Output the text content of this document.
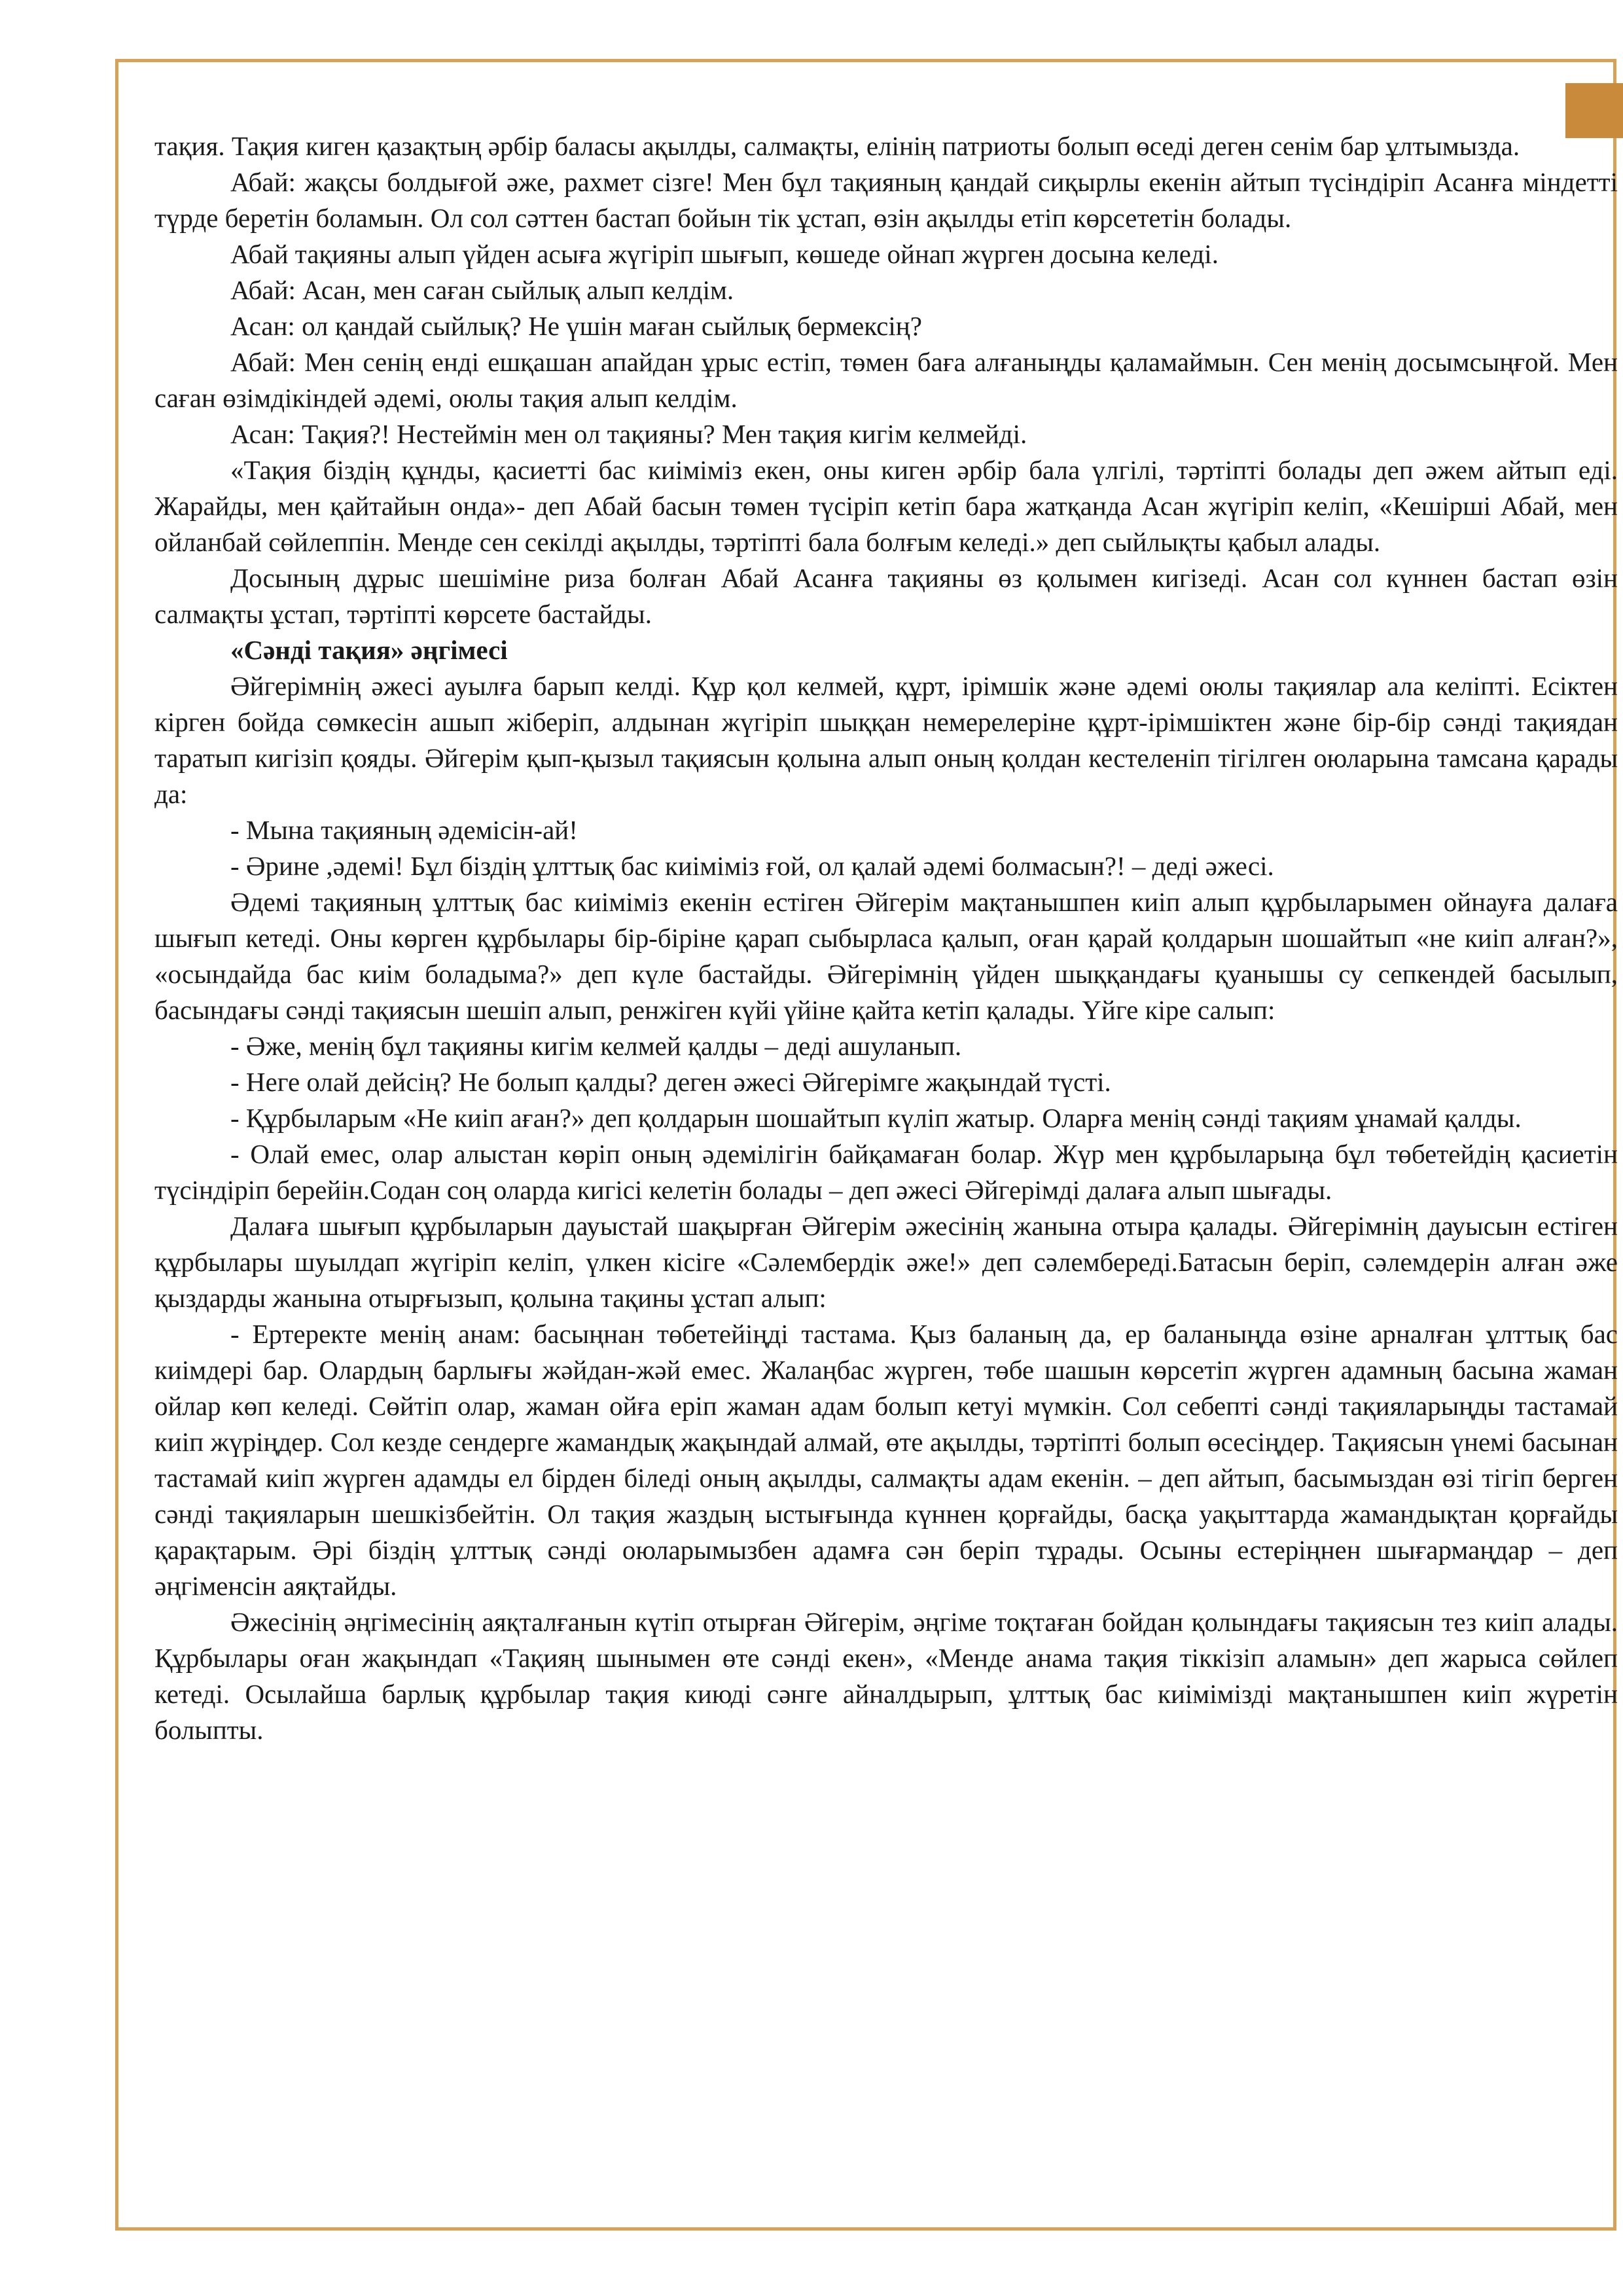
тақия. Тақия киген қазақтың әрбір баласы ақылды, салмақты, елінің патриоты болып өседі деген сенім бар ұлтымызда.

Абай: жақсы болдығой әже, рахмет сізге! Мен бұл тақияның қандай сиқырлы екенін айтып түсіндіріп Асанға міндетті түрде беретін боламын. Ол сол сәттен бастап бойын тік ұстап, өзін ақылды етіп көрсететін болады.

Абай тақияны алып үйден асыға жүгіріп шығып, көшеде ойнап жүрген досына келеді.

Абай: Асан, мен саған сыйлық алып келдім.

Асан: ол қандай сыйлық? Не үшін маған сыйлық бермексің?

Абай: Мен сенің енді ешқашан апайдан ұрыс естіп, төмен баға алғаныңды қаламаймын. Сен менің досымсыңғой. Мен саған өзімдікіндей әдемі, оюлы тақия алып келдім.

Асан: Тақия?! Нестеймін мен ол тақияны? Мен тақия кигім келмейді.

«Тақия біздің құнды, қасиетті бас киіміміз екен, оны киген әрбір бала үлгілі, тәртіпті болады деп әжем айтып еді. Жарайды, мен қайтайын онда»- деп Абай басын төмен түсіріп кетіп бара жатқанда Асан жүгіріп келіп, «Кешірші Абай, мен ойланбай сөйлеппін. Менде сен секілді ақылды, тәртіпті бала болғым келеді.» деп сыйлықты қабыл алады.

Досының дұрыс шешіміне риза болған Абай Асанға тақияны өз қолымен кигізеді. Асан сол күннен бастап өзін салмақты ұстап, тәртіпті көрсете бастайды.

«Сәнді тақия» әңгімесі

Әйгерімнің әжесі ауылға барып келді. Құр қол келмей, құрт, ірімшік және әдемі оюлы тақиялар ала келіпті. Есіктен кірген бойда сөмкесін ашып жіберіп, алдынан жүгіріп шыққан немерелеріне құрт-ірімшіктен және бір-бір сәнді тақиядан таратып кигізіп қояды. Әйгерім қып-қызыл тақиясын қолына алып оның қолдан кестеленіп тігілген оюларына тамсана қарады да:

- Мына тақияның әдемісін-ай!

- Әрине ,әдемі! Бұл біздің ұлттық бас киіміміз ғой, ол қалай әдемі болмасын?! – деді әжесі.

Әдемі тақияның ұлттық бас киіміміз екенін естіген Әйгерім мақтанышпен киіп алып құрбыларымен ойнауға далаға шығып кетеді. Оны көрген құрбылары бір-біріне қарап сыбырласа қалып, оған қарай қолдарын шошайтып «не киіп алған?», «осындайда бас киім боладыма?» деп күле бастайды. Әйгерімнің үйден шыққандағы қуанышы су сепкендей басылып, басындағы сәнді тақиясын шешіп алып, ренжіген күйі үйіне қайта кетіп қалады. Үйге кіре салып:

- Әже, менің бұл тақияны кигім келмей қалды – деді ашуланып.

- Неге олай дейсің? Не болып қалды? деген әжесі Әйгерімге жақындай түсті.

- Құрбыларым «Не киіп аған?» деп қолдарын шошайтып күліп жатыр. Оларға менің сәнді тақиям ұнамай қалды.

- Олай емес, олар алыстан көріп оның әдемілігін байқамаған болар. Жүр мен құрбыларыңа бұл төбетейдің қасиетін түсіндіріп берейін.Содан соң оларда кигісі келетін болады – деп әжесі Әйгерімді далаға алып шығады.

Далаға шығып құрбыларын дауыстай шақырған Әйгерім әжесінің жанына отыра қалады. Әйгерімнің дауысын естіген құрбылары шуылдап жүгіріп келіп, үлкен кісіге «Сәлембердік әже!» деп сәлембереді.Батасын беріп, сәлемдерін алған әже қыздарды жанына отырғызып, қолына тақины ұстап алып:

- Ертеректе менің анам: басыңнан төбетейіңді тастама. Қыз баланың да, ер баланыңда өзіне арналған ұлттық бас киімдері бар. Олардың барлығы жәйдан-жәй емес. Жалаңбас жүрген, төбе шашын көрсетіп жүрген адамның басына жаман ойлар көп келеді. Сөйтіп олар, жаман ойға еріп жаман адам болып кетуі мүмкін. Сол себепті сәнді тақияларыңды тастамай киіп жүріңдер. Сол кезде сендерге жамандық жақындай алмай, өте ақылды, тәртіпті болып өсесіңдер. Тақиясын үнемі басынан тастамай киіп жүрген адамды ел бірден біледі оның ақылды, салмақты адам екенін. – деп айтып, басымыздан өзі тігіп берген сәнді тақияларын шешкізбейтін. Ол тақия жаздың ыстығында күннен қорғайды, басқа уақыттарда жамандықтан қорғайды қарақтарым. Әрі біздің ұлттық сәнді оюларымызбен адамға сән беріп тұрады. Осыны естеріңнен шығармаңдар – деп әңгіменсін аяқтайды.

Әжесінің әңгімесінің аяқталғанын күтіп отырған Әйгерім, әңгіме тоқтаған бойдан қолындағы тақиясын тез киіп алады. Құрбылары оған жақындап «Тақияң шынымен өте сәнді екен», «Менде анама тақия тіккізіп аламын» деп жарыса сөйлеп кетеді. Осылайша барлық құрбылар тақия киюді сәнге айналдырып, ұлттық бас киімімізді мақтанышпен киіп жүретін болыпты.
